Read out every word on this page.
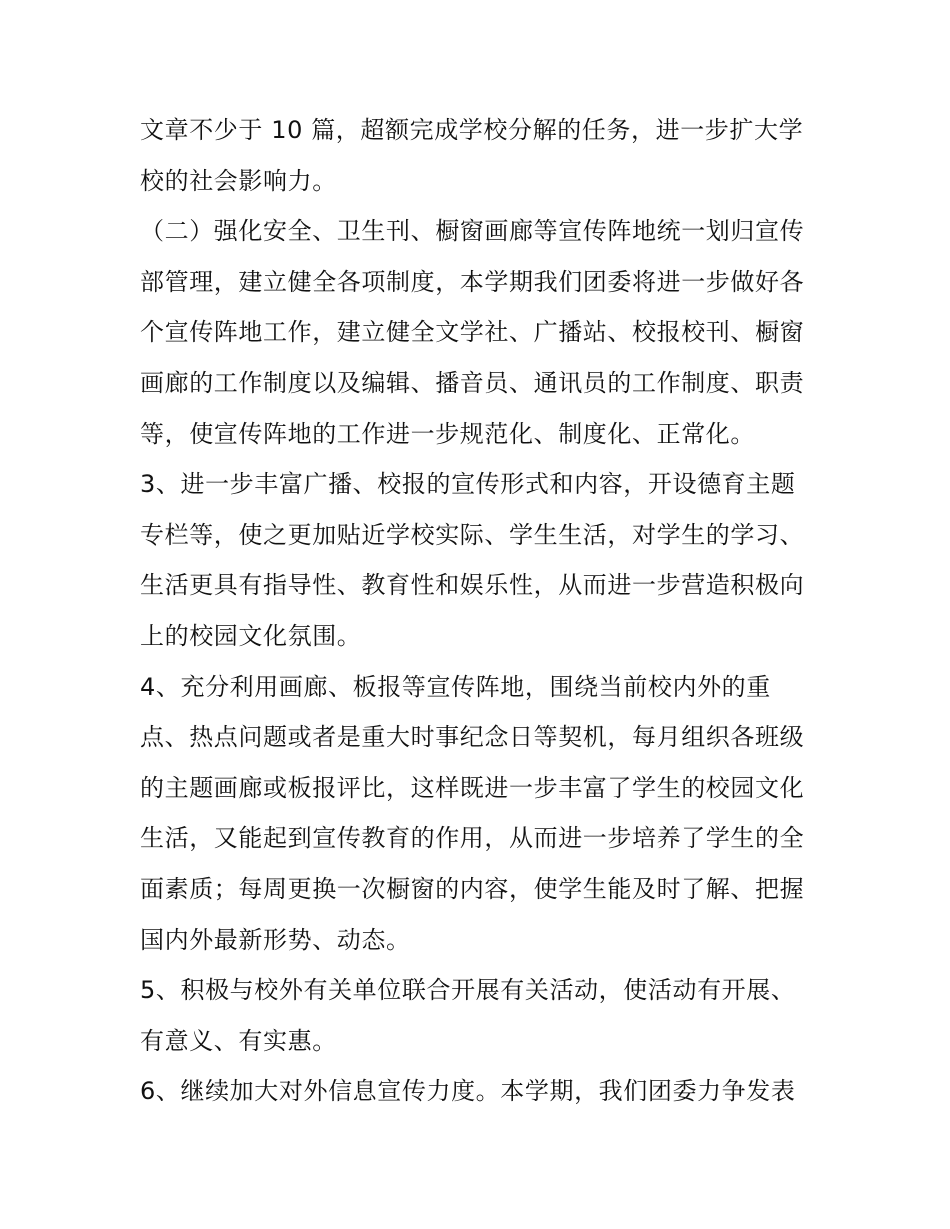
文章不少于 10 篇，超额完成学校分解的任务，进一步扩大学
校的社会影响力。
（二）强化安全、卫生刊、橱窗画廊等宣传阵地统一划归宣传
部管理，建立健全各项制度，本学期我们团委将进一步做好各
个宣传阵地工作，建立健全文学社、广播站、校报校刊、橱窗
画廊的工作制度以及编辑、播音员、通讯员的工作制度、职责
等，使宣传阵地的工作进一步规范化、制度化、正常化。
3、进一步丰富广播、校报的宣传形式和内容，开设德育主题
专栏等，使之更加贴近学校实际、学生生活，对学生的学习、
生活更具有指导性、教育性和娱乐性，从而进一步营造积极向
上的校园文化氛围。
4、充分利用画廊、板报等宣传阵地，围绕当前校内外的重
点、热点问题或者是重大时事纪念日等契机，每月组织各班级
的主题画廊或板报评比，这样既进一步丰富了学生的校园文化
生活，又能起到宣传教育的作用，从而进一步培养了学生的全
面素质；每周更换一次橱窗的内容，使学生能及时了解、把握
国内外最新形势、动态。
5、积极与校外有关单位联合开展有关活动，使活动有开展、
有意义、有实惠。
6、继续加大对外信息宣传力度。本学期，我们团委力争发表
